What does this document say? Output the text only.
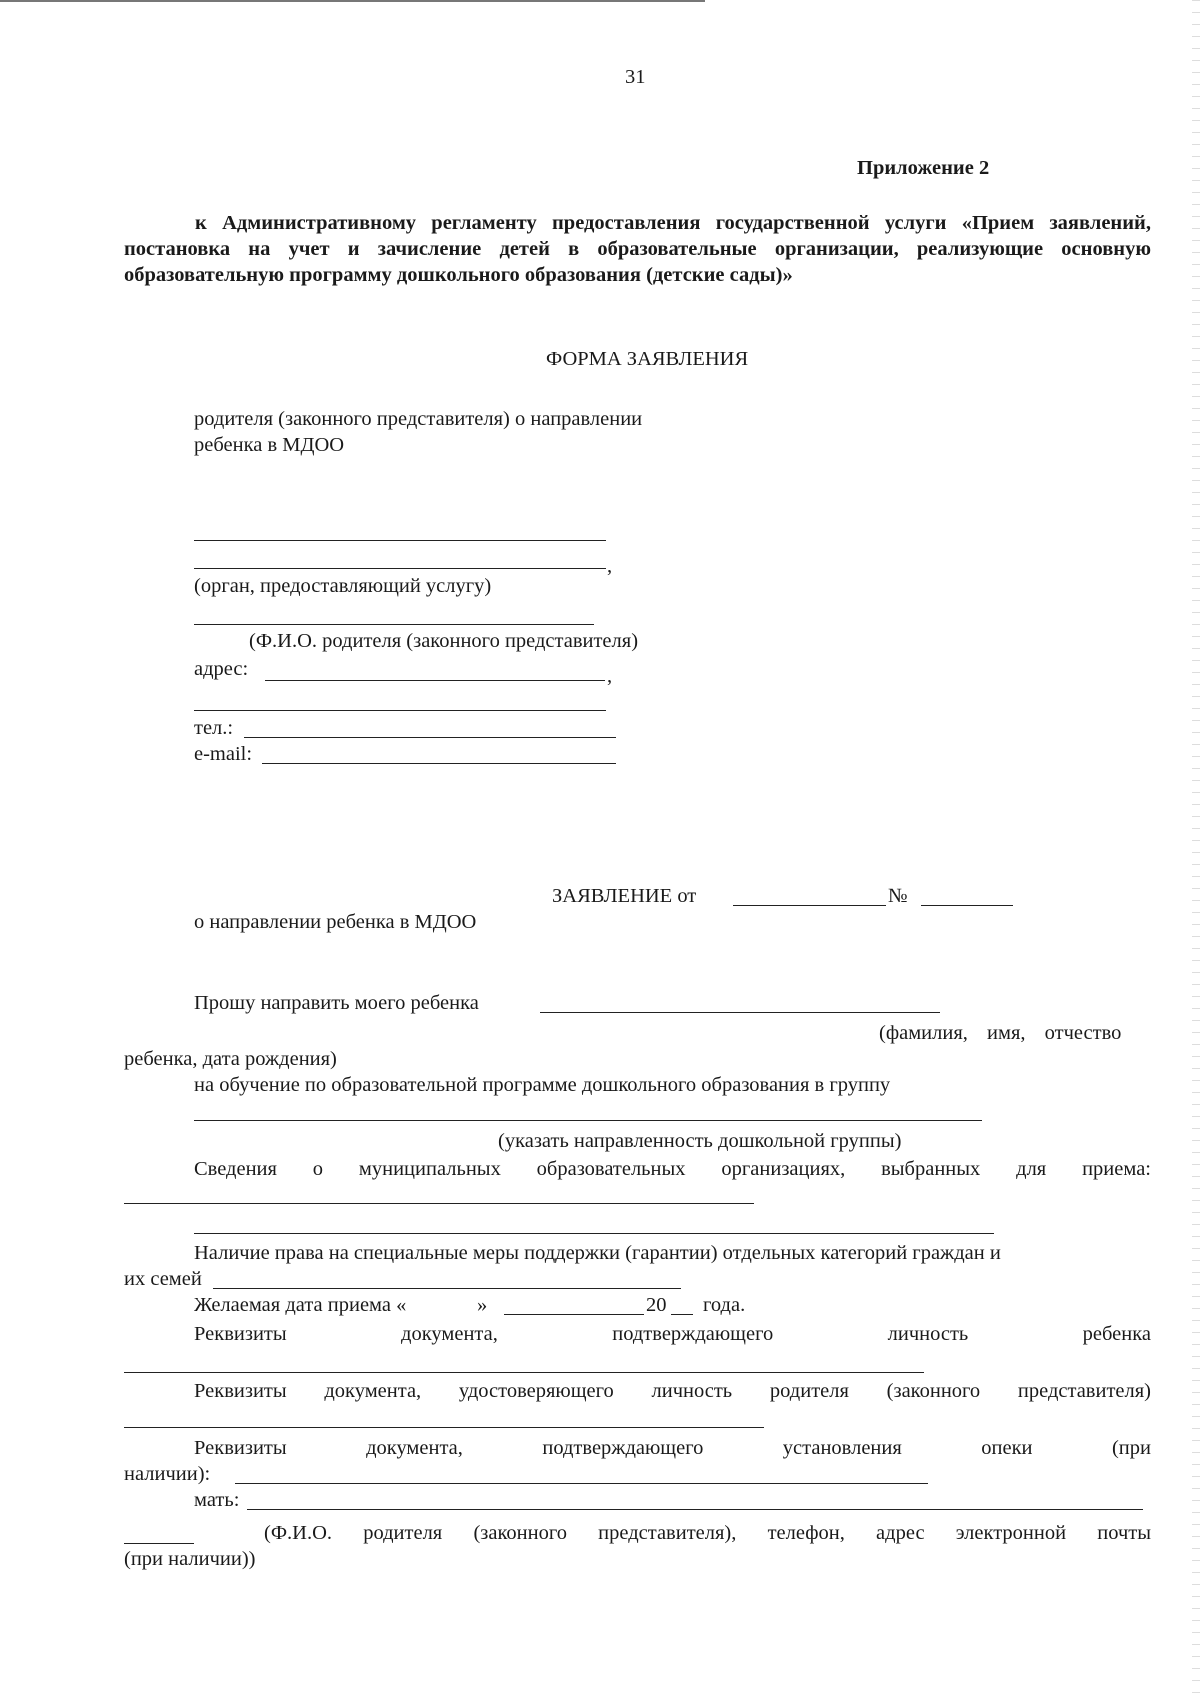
31
Приложение 2
к Административному регламенту предоставления государственной услуги «Прием заявлений, постановка на учет и зачисление детей в образовательные организации, реализующие основную образовательную программу дошкольного образования (детские сады)»
ФОРМА ЗАЯВЛЕНИЯ
родителя (законного представителя) о направлении
ребенка в МДОО
,
(орган, предоставляющий услугу)
(Ф.И.О. родителя (законного представителя)
адрес:	,
тел.:
e-mail:
ЗАЯВЛЕНИЕ от	№
о направлении ребенка в МДОО
Прошу направить моего ребенка
(фамилия, имя, отчество
ребенка, дата рождения)
на обучение по образовательной программе дошкольного образования в группу
(указать направленность дошкольной группы)
Сведения о муниципальных образовательных организациях, выбранных для приема:
Наличие права на специальные меры поддержки (гарантии) отдельных категорий граждан и
их семей
Желаемая дата приема «	»	20 года.
Реквизиты документа, подтверждающего личность ребенка
Реквизиты документа, удостоверяющего личность родителя (законного представителя)
Реквизиты документа, подтверждающего установления опеки (при
наличии):
мать:
(Ф.И.О. родителя (законного представителя), телефон, адрес электронной почты
(при наличии))
